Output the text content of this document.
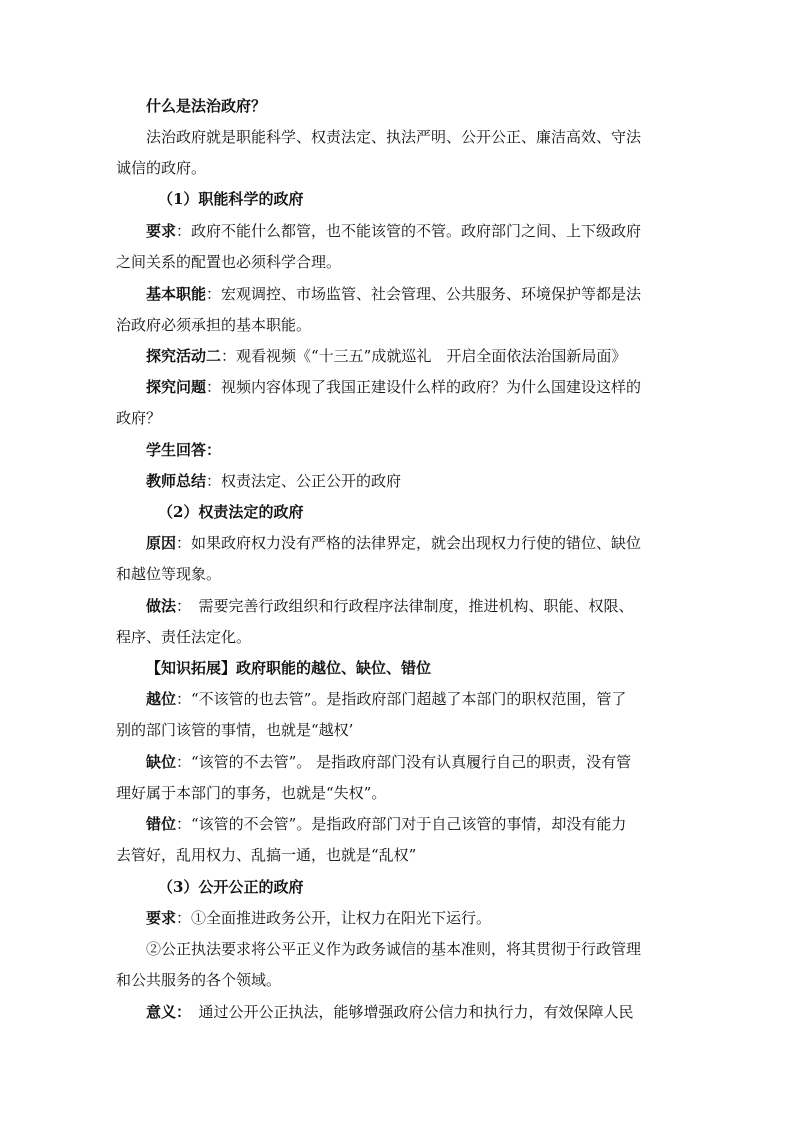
什么是法治政府？
法治政府就是职能科学、权责法定、执法严明、公开公正、廉洁高效、守法
诚信的政府。
（1）职能科学的政府
要求：政府不能什么都管，也不能该管的不管。政府部门之间、上下级政府
之间关系的配置也必须科学合理。
基本职能：宏观调控、市场监管、社会管理、公共服务、环境保护等都是法
治政府必须承担的基本职能。
探究活动二：观看视频《“十三五”成就巡礼　开启全面依法治国新局面》
探究问题：视频内容体现了我国正建设什么样的政府？为什么国建设这样的
政府？
学生回答：
教师总结：权责法定、公正公开的政府
（2）权责法定的政府
原因：如果政府权力没有严格的法律界定，就会出现权力行使的错位、缺位
和越位等现象。
做法：　需要完善行政组织和行政程序法律制度，推进机构、职能、权限、
程序、责任法定化。
【知识拓展】政府职能的越位、缺位、错位
越位：“不该管的也去管”。是指政府部门超越了本部门的职权范围，管了
别的部门该管的事情，也就是“越权’
缺位：“该管的不去管”。 是指政府部门没有认真履行自己的职责，没有管
理好属于本部门的事务，也就是“失权”。
错位：“该管的不会管”。是指政府部门对于自己该管的事情，却没有能力
去管好，乱用权力、乱搞一通，也就是“乱权”
（3）公开公正的政府
要求：①全面推进政务公开，让权力在阳光下运行。
②公正执法要求将公平正义作为政务诚信的基本准则，将其贯彻于行政管理
和公共服务的各个领域。
意义：　通过公开公正执法，能够增强政府公信力和执行力，有效保障人民
